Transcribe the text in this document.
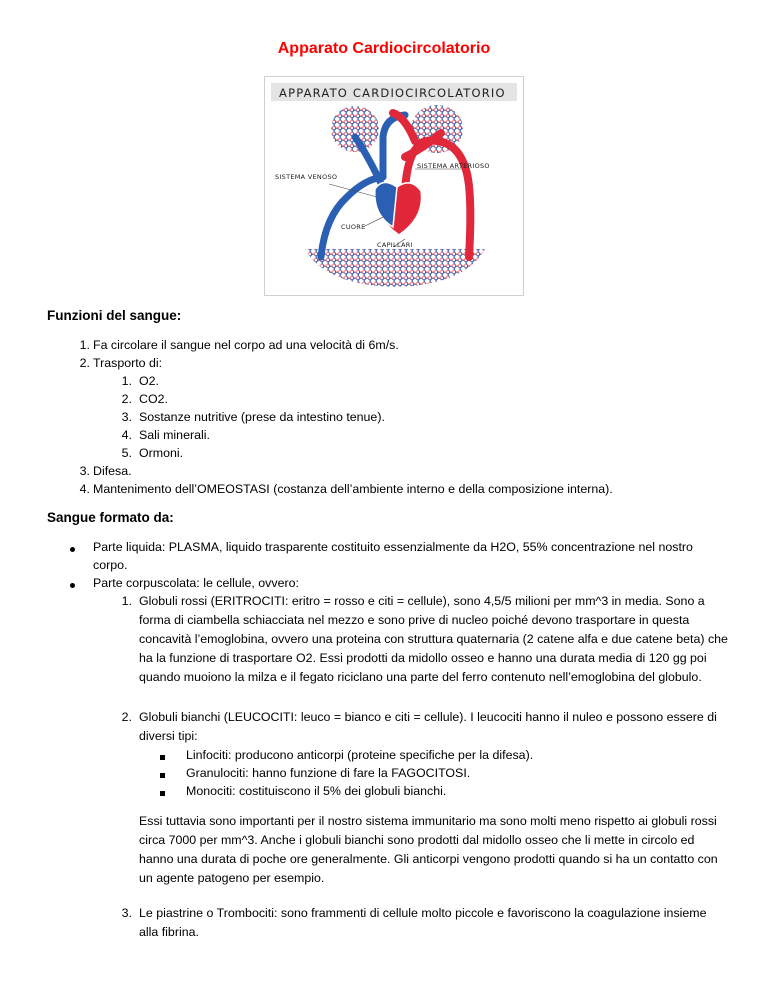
Apparato Cardiocircolatorio
APPARATO CARDIOCIRCOLATORIO
SISTEMA VENOSO
SISTEMA ARTERIOSO
CUORE
CAPILLARI
Funzioni del sangue:
1. Fa circolare il sangue nel corpo ad una velocità di 6m/s.
2. Trasporto di:
1. O2.
2. CO2.
3. Sostanze nutritive (prese da intestino tenue).
4. Sali minerali.
5. Ormoni.
3. Difesa.
4. Mantenimento dell’OMEOSTASI (costanza dell’ambiente interno e della composizione interna).
Sangue formato da:
Parte liquida: PLASMA, liquido trasparente costituito essenzialmente da H2O, 55% concentrazione nel nostro corpo.
Parte corpuscolata: le cellule, ovvero:
1. Globuli rossi (ERITROCITI: eritro = rosso e citi = cellule), sono 4,5/5 milioni per mm^3 in media. Sono a forma di ciambella schiacciata nel mezzo e sono prive di nucleo poiché devono trasportare in questa concavità l’emoglobina, ovvero una proteina con struttura quaternaria (2 catene alfa e due catene beta) che ha la funzione di trasportare O2. Essi prodotti da midollo osseo e hanno una durata media di 120 gg poi quando muoiono la milza e il fegato riciclano una parte del ferro contenuto nell’emoglobina del globulo.
2. Globuli bianchi (LEUCOCITI: leuco = bianco e citi = cellule). I leucociti hanno il nuleo e possono essere di diversi tipi:
Linfociti: producono anticorpi (proteine specifiche per la difesa).
Granulociti: hanno funzione di fare la FAGOCITOSI.
Monociti: costituiscono il 5% dei globuli bianchi.
Essi tuttavia sono importanti per il nostro sistema immunitario ma sono molti meno rispetto ai globuli rossi circa 7000 per mm^3. Anche i globuli bianchi sono prodotti dal midollo osseo che li mette in circolo ed hanno una durata di poche ore generalmente. Gli anticorpi vengono prodotti quando si ha un contatto con un agente patogeno per esempio.
3. Le piastrine o Trombociti: sono frammenti di cellule molto piccole e favoriscono la coagulazione insieme alla fibrina.
